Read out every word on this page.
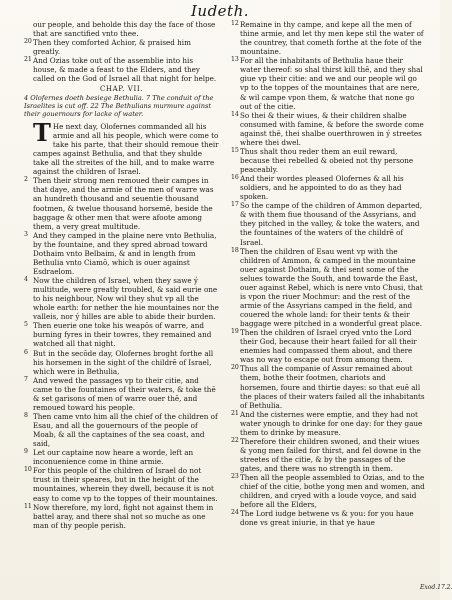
Iudeth.

our people, and beholde this day the face of those that are sanctified vnto thee.

20 Then they comforted Achior, & praised him greatly.

21 And Ozias toke out of the assemblie into his house, & made a feast to the Elders, and they called on the God of Israel all that night for helpe.

CHAP. VII.
4 Olofernes doeth besiege Bethulia. 7 The conduit of the Israelites is cut off. 22 The Bethulians murmure against their gouernours for lacke of water.

T He next day, Olofernes commanded all his armie and all his people, which were come to take his parte, that their should remoue their campes against Bethulia, and that they shulde take all the streites of the hill, and to make warre against the children of Israel.

2 Then their strong men remoued their campes in that daye, and the armie of the men of warre was an hundreth thousand and seuentie thousand footmen, & twelue thousand horsemē, beside the baggage & other men that were afoote among them, a very great multitude.

3 And they camped in the plaine nere vnto Bethulia, by the fountaine, and they spred abroad toward Dothaim vnto Belbaim, & and in length from Bethulia vnto Ciamō, which is ouer against Esdraelom.

4 Now the children of Israel, when they sawe ý multitude, were greatly troubled, & said eurie one to his neighbour, Now wil they shut vp all the whole earth: for nether the hie mountaines nor the valleis, nor ý hilles are able to abide their burden.

5 Then euerie one toke his weapōs of warre, and burning fyres in their towres, they remained and watched all that night.

6 But in the secōde day, Olofernes broght forthe all his horsemen in the sight of the childrē of Israel, which were in Bethulia,

7 And vewed the passages vp to their citie, and came to the fountaines of their waters, & toke thē & set garisons of men of warre ouer thē, and remoued toward his people.

8 Then came vnto him all the chief of the children of Esau, and all the gouernours of the people of Moab, & all the captaines of the sea coast, and said,

9 Let our captaine now heare a worde, left an inconuenience come in thine armie.

10 For this people of the children of Israel do not trust in their speares, but in the height of the mountaines, wherein they dwell, because it is not easy to come vp to the toppes of their mountaines.

11 Now therefore, my lord, fight not against them in battel aray, and there shal not so muche as one man of thy people perish.

12 Remaine in thy campe, and kepe all the men of thine armie, and let thy men kepe stil the water of the countrey, that cometh forthe at the fote of the mountaine.

13 For all the inhabitants of Bethulia haue their water thereof: so shal thirst kill thē, and they shal giue vp their citie: and we and our people wil go vp to the toppes of the mountaines that are nere, & wil campe vpon them, & watche that none go out of the citie.

14 So thei & their wiues, & their children shalbe consumed with famine, & before the sworde come against thē, thei shalbe ouerthrowen in ý streetes where thei dwel.

15 Thus shalt thou reder them an euil reward, because thei rebelled & obeied not thy persone peaceably.

16 And their wordes pleased Olofernes & all his soldiers, and he appointed to do as they had spoken.

17 So the campe of the children of Ammon departed, & with them fiue thousand of the Assyrians, and they pitched in the valley, & toke the waters, and the fountaines of the waters of the childrē of Israel.

18 Then the children of Esau went vp with the children of Ammon, & camped in the mountaine ouer against Dothaim, & thei sent some of the selues towarde the South, and towarde the East, ouer against Rebel, which is nere vnto Chusi, that is vpon the riuer Mochmur: and the rest of the armie of the Assyrians camped in the field, and couered the whole land: for their tents & their baggage were pitched in a wonderful great place.

19 Then the children of Israel cryed vnto the Lord their God, because their heart failed for all their enemies had compassed them about, and there was no way to escape out from among them.

20 Thus all the companie of Assur remained about them, bothe their footmen, chariots and horsemen, foure and thirtie dayes: so that euē all the places of their waters failed all the inhabitants of Bethulia.

21 And the cisternes were emptie, and they had not water ynough to drinke for one day: for they gaue them to drinke by measure.

22 Therefore their children swoned, and their wiues & yong men failed for thirst, and fel downe in the streetes of the citie, & by the passages of the gates, and there was no strength in them.

23 Then all the people assembled to Ozias, and to the chief of the citie, bothe yong men and women, and children, and cryed with a loude voyce, and said before all the Elders,

24 The Lord iudge betwene vs & you: for you haue done vs great iniurie, in that ye haue

Exod.17.2.
